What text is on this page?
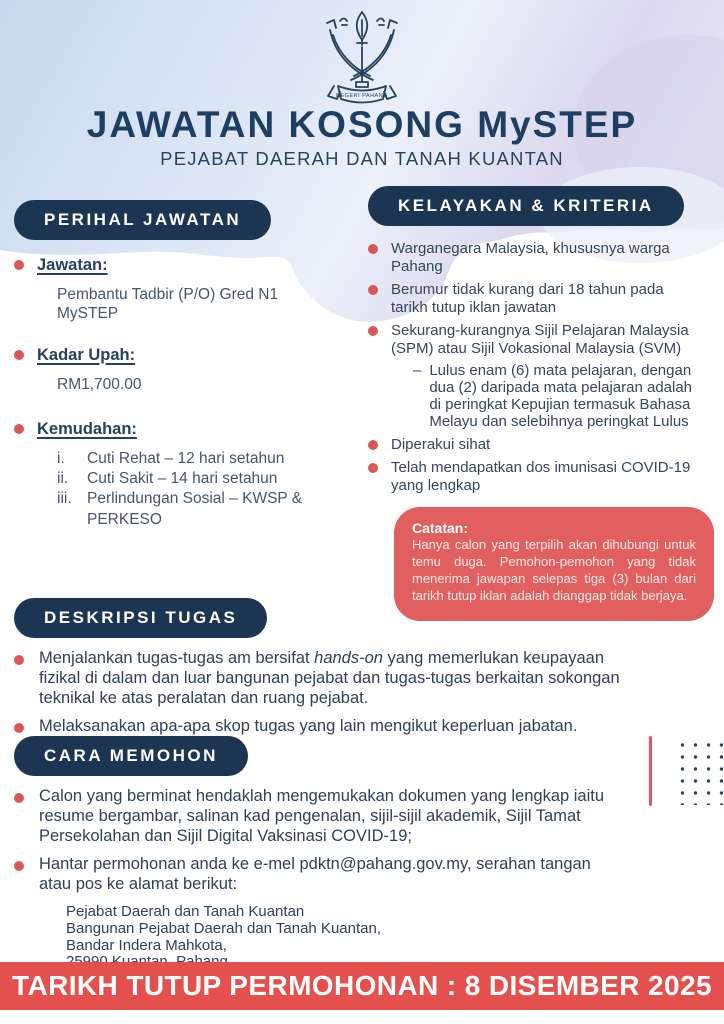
NEGERI PAHANG
JAWATAN KOSONG MySTEP
PEJABAT DAERAH DAN TANAH KUANTAN
PERIHAL JAWATAN
Jawatan:
Pembantu Tadbir (P/O) Gred N1 MySTEP
Kadar Upah:
RM1,700.00
Kemudahan:
i.	Cuti Rehat – 12 hari setahun
ii.	Cuti Sakit – 14 hari setahun
iii. Perlindungan Sosial – KWSP & PERKESO
KELAYAKAN & KRITERIA
Warganegara Malaysia, khususnya warga Pahang
Berumur tidak kurang dari 18 tahun pada tarikh tutup iklan jawatan
Sekurang-kurangnya Sijil Pelajaran Malaysia (SPM) atau Sijil Vokasional Malaysia (SVM)
– Lulus enam (6) mata pelajaran, dengan dua (2) daripada mata pelajaran adalah di peringkat Kepujian termasuk Bahasa Melayu dan selebihnya peringkat Lulus
Diperakui sihat
Telah mendapatkan dos imunisasi COVID-19 yang lengkap
Catatan:
Hanya calon yang terpilih akan dihubungi untuk temu duga. Pemohon-pemohon yang tidak menerima jawapan selepas tiga (3) bulan dari tarikh tutup iklan adalah dianggap tidak berjaya.
DESKRIPSI TUGAS
Menjalankan tugas-tugas am bersifat hands-on yang memerlukan keupayaan fizikal di dalam dan luar bangunan pejabat dan tugas-tugas berkaitan sokongan teknikal ke atas peralatan dan ruang pejabat.
Melaksanakan apa-apa skop tugas yang lain mengikut keperluan jabatan.
CARA MEMOHON
Calon yang berminat hendaklah mengemukakan dokumen yang lengkap iaitu resume bergambar, salinan kad pengenalan, sijil-sijil akademik, Sijil Tamat Persekolahan dan Sijil Digital Vaksinasi COVID-19;
Hantar permohonan anda ke e-mel pdktn@pahang.gov.my, serahan tangan atau pos ke alamat berikut:
Pejabat Daerah dan Tanah Kuantan
Bangunan Pejabat Daerah dan Tanah Kuantan,
Bandar Indera Mahkota,
TARIKH TUTUP PERMOHONAN : 8 DISEMBER 2025
